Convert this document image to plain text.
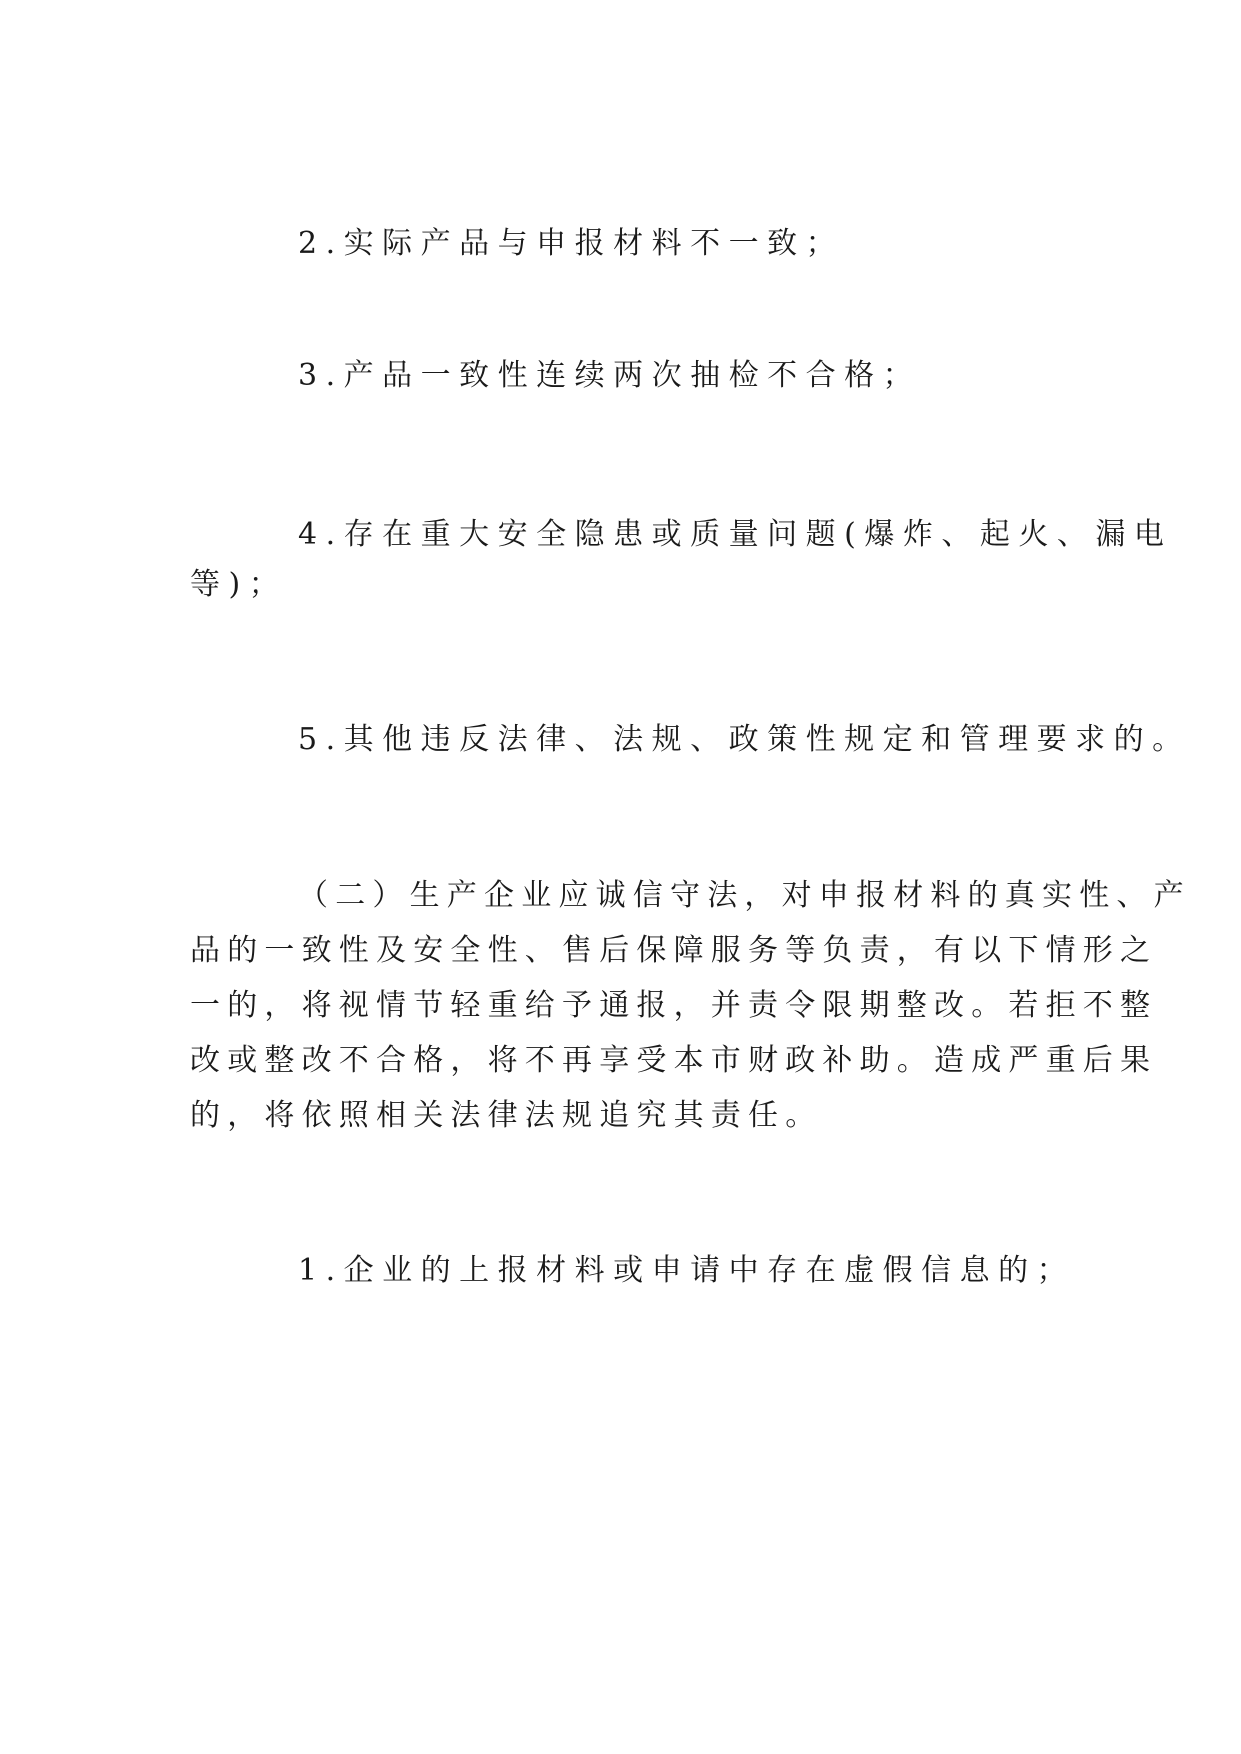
2.实际产品与申报材料不一致；
3.产品一致性连续两次抽检不合格；
4.存在重大安全隐患或质量问题(爆炸、起火、漏电
等)；
5.其他违反法律、法规、政策性规定和管理要求的。
（二）生产企业应诚信守法，对申报材料的真实性、产
品的一致性及安全性、售后保障服务等负责，有以下情形之
一的，将视情节轻重给予通报，并责令限期整改。若拒不整
改或整改不合格，将不再享受本市财政补助。造成严重后果
的，将依照相关法律法规追究其责任。
1.企业的上报材料或申请中存在虚假信息的；
